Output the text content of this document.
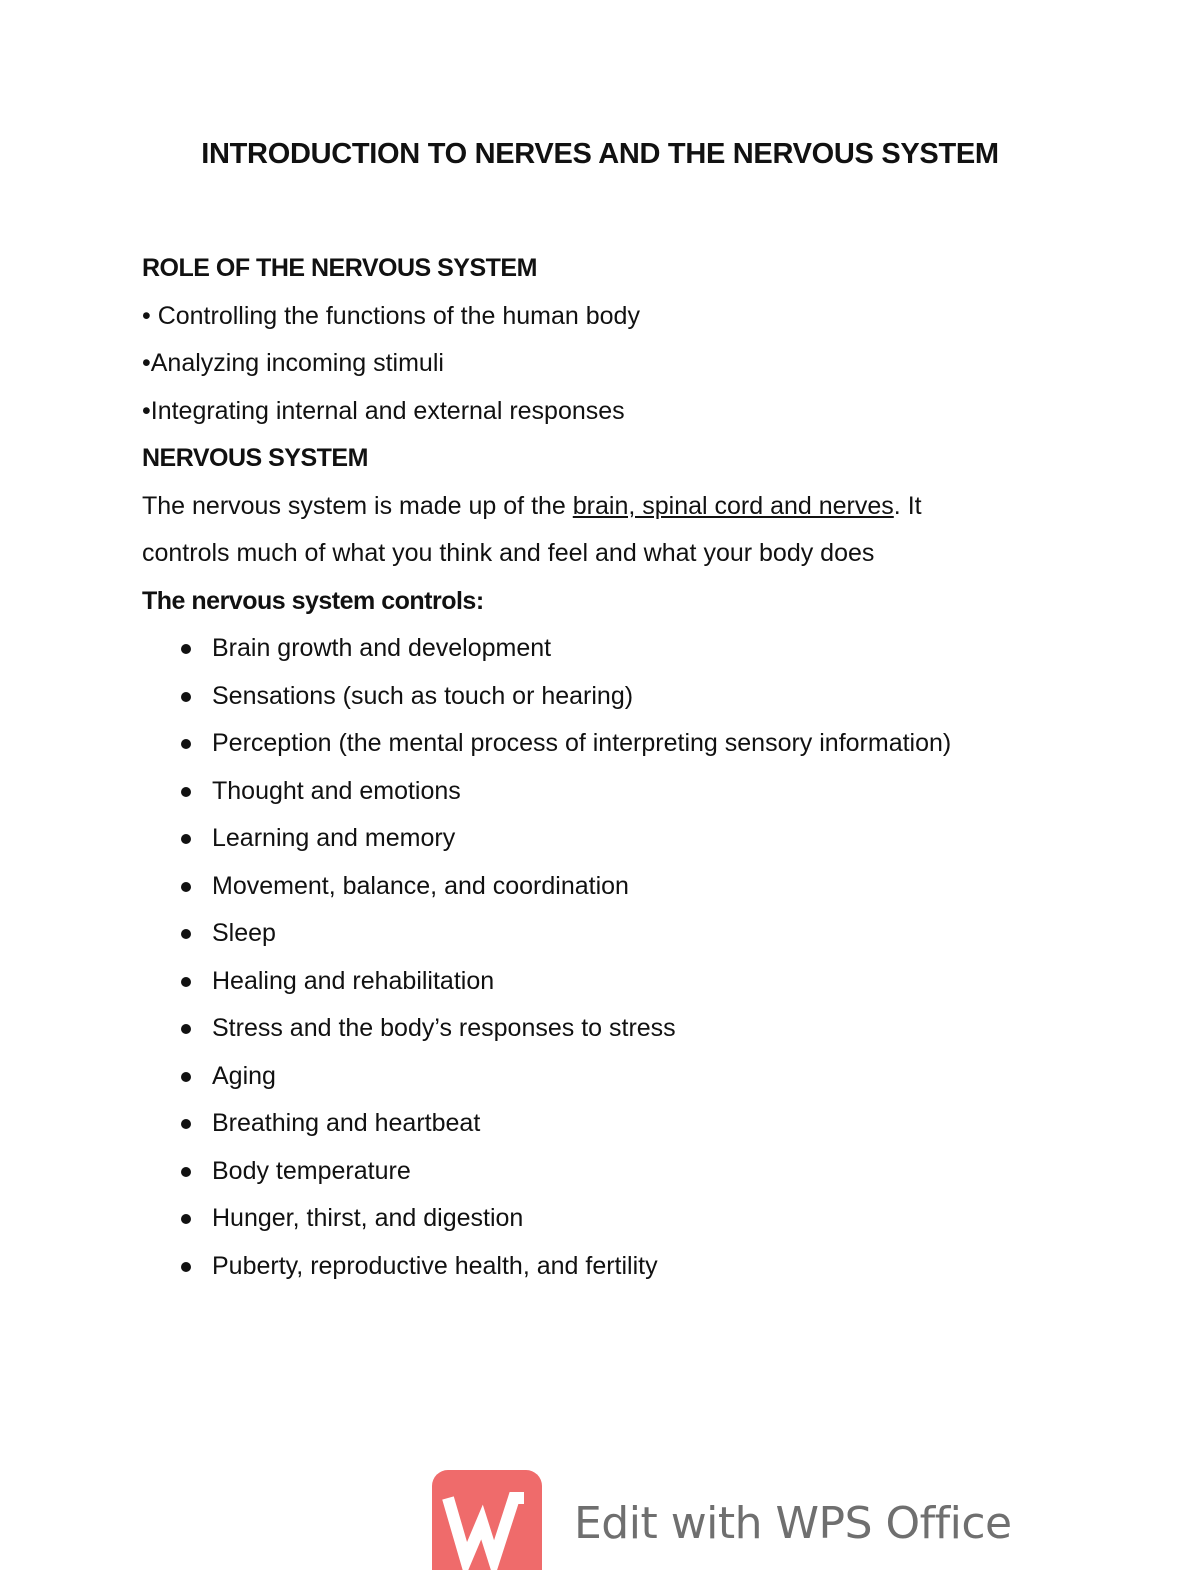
INTRODUCTION TO NERVES AND THE NERVOUS SYSTEM
ROLE OF THE NERVOUS SYSTEM
• Controlling the functions of the human body
•Analyzing incoming stimuli
•Integrating internal and external responses
NERVOUS SYSTEM
The nervous system is made up of the brain, spinal cord and nerves. It
controls much of what you think and feel and what your body does
The nervous system controls:
Brain growth and development
Sensations (such as touch or hearing)
Perception (the mental process of interpreting sensory information)
Thought and emotions
Learning and memory
Movement, balance, and coordination
Sleep
Healing and rehabilitation
Stress and the body’s responses to stress
Aging
Breathing and heartbeat
Body temperature
Hunger, thirst, and digestion
Puberty, reproductive health, and fertility
Edit with WPS Office
